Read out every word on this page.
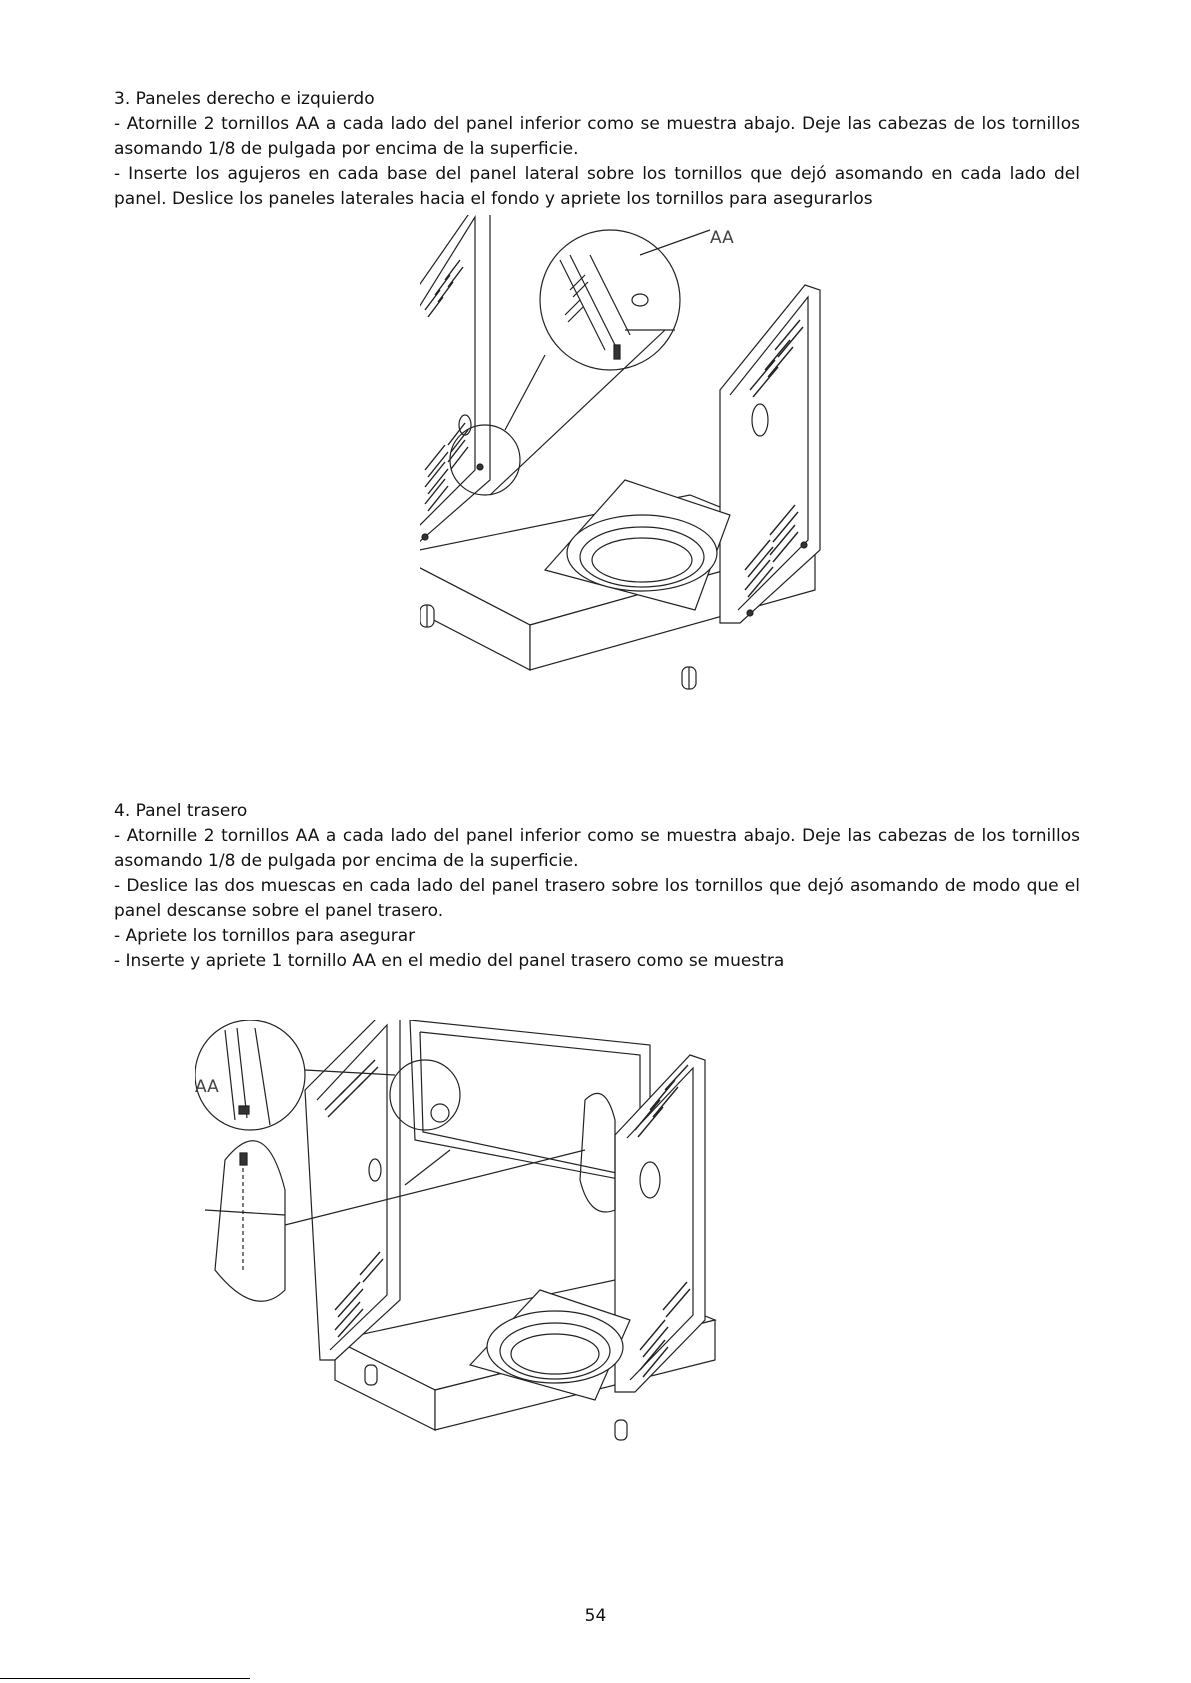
3. Paneles derecho e izquierdo

- Atornille 2 tornillos AA a cada lado del panel inferior como se muestra abajo. Deje las cabezas de los tornillos asomando 1/8 de pulgada por encima de la superficie.

- Inserte los agujeros en cada base del panel lateral sobre los tornillos que dejó asomando en cada lado del panel. Deslice los paneles laterales hacia el fondo y apriete los tornillos para asegurarlos

AA

4. Panel trasero

- Atornille 2 tornillos AA a cada lado del panel inferior como se muestra abajo. Deje las cabezas de los tornillos asomando 1/8 de pulgada por encima de la superficie.

- Deslice las dos muescas en cada lado del panel trasero sobre los tornillos que dejó asomando de modo que el panel descanse sobre el panel trasero.

- Apriete los tornillos para asegurar

- Inserte y apriete 1 tornillo AA en el medio del panel trasero como se muestra

AA
54
